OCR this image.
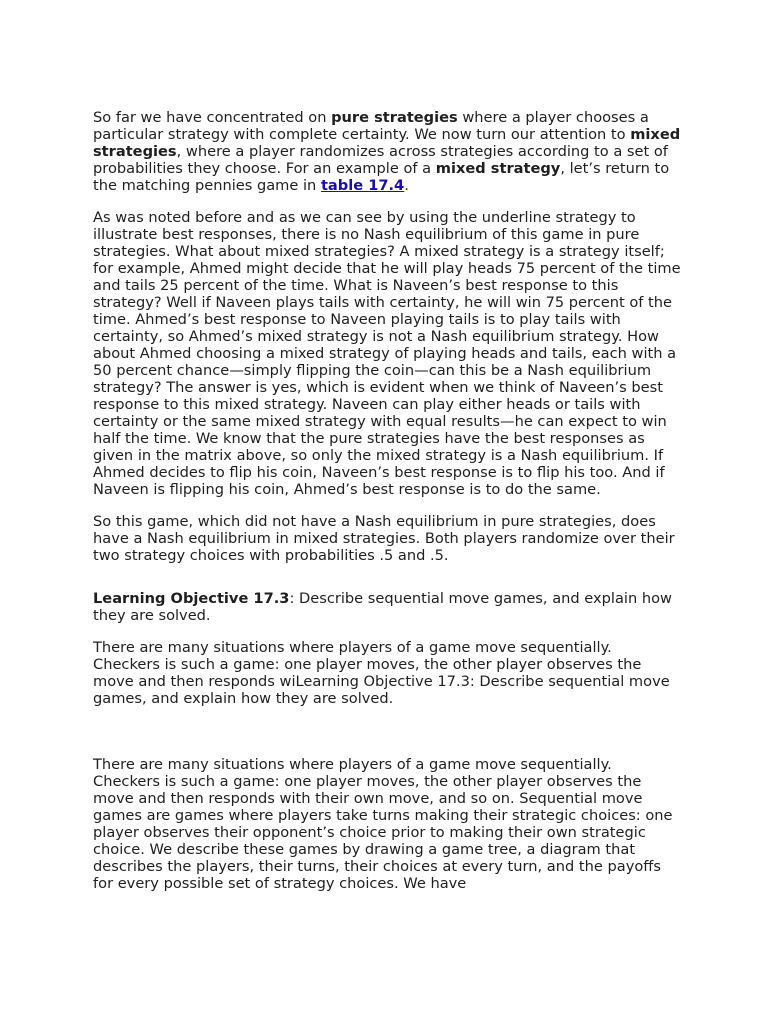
So far we have concentrated on pure strategies where a player chooses a particular strategy with complete certainty. We now turn our attention to mixed strategies, where a player randomizes across strategies according to a set of probabilities they choose. For an example of a mixed strategy, let’s return to the matching pennies game in table 17.4.

As was noted before and as we can see by using the underline strategy to illustrate best responses, there is no Nash equilibrium of this game in pure strategies. What about mixed strategies? A mixed strategy is a strategy itself; for example, Ahmed might decide that he will play heads 75 percent of the time and tails 25 percent of the time. What is Naveen’s best response to this strategy? Well if Naveen plays tails with certainty, he will win 75 percent of the time. Ahmed’s best response to Naveen playing tails is to play tails with certainty, so Ahmed’s mixed strategy is not a Nash equilibrium strategy. How about Ahmed choosing a mixed strategy of playing heads and tails, each with a 50 percent chance—simply flipping the coin—can this be a Nash equilibrium strategy? The answer is yes, which is evident when we think of Naveen’s best response to this mixed strategy. Naveen can play either heads or tails with certainty or the same mixed strategy with equal results—he can expect to win half the time. We know that the pure strategies have the best responses as given in the matrix above, so only the mixed strategy is a Nash equilibrium. If Ahmed decides to flip his coin, Naveen’s best response is to flip his too. And if Naveen is flipping his coin, Ahmed’s best response is to do the same.

So this game, which did not have a Nash equilibrium in pure strategies, does have a Nash equilibrium in mixed strategies. Both players randomize over their two strategy choices with probabilities .5 and .5.

Learning Objective 17.3: Describe sequential move games, and explain how they are solved.

There are many situations where players of a game move sequentially. Checkers is such a game: one player moves, the other player observes the move and then responds wiLearning Objective 17.3: Describe sequential move games, and explain how they are solved.

There are many situations where players of a game move sequentially. Checkers is such a game: one player moves, the other player observes the move and then responds with their own move, and so on. Sequential move games are games where players take turns making their strategic choices: one player observes their opponent’s choice prior to making their own strategic choice. We describe these games by drawing a game tree, a diagram that describes the players, their turns, their choices at every turn, and the payoffs for every possible set of strategy choices. We have
